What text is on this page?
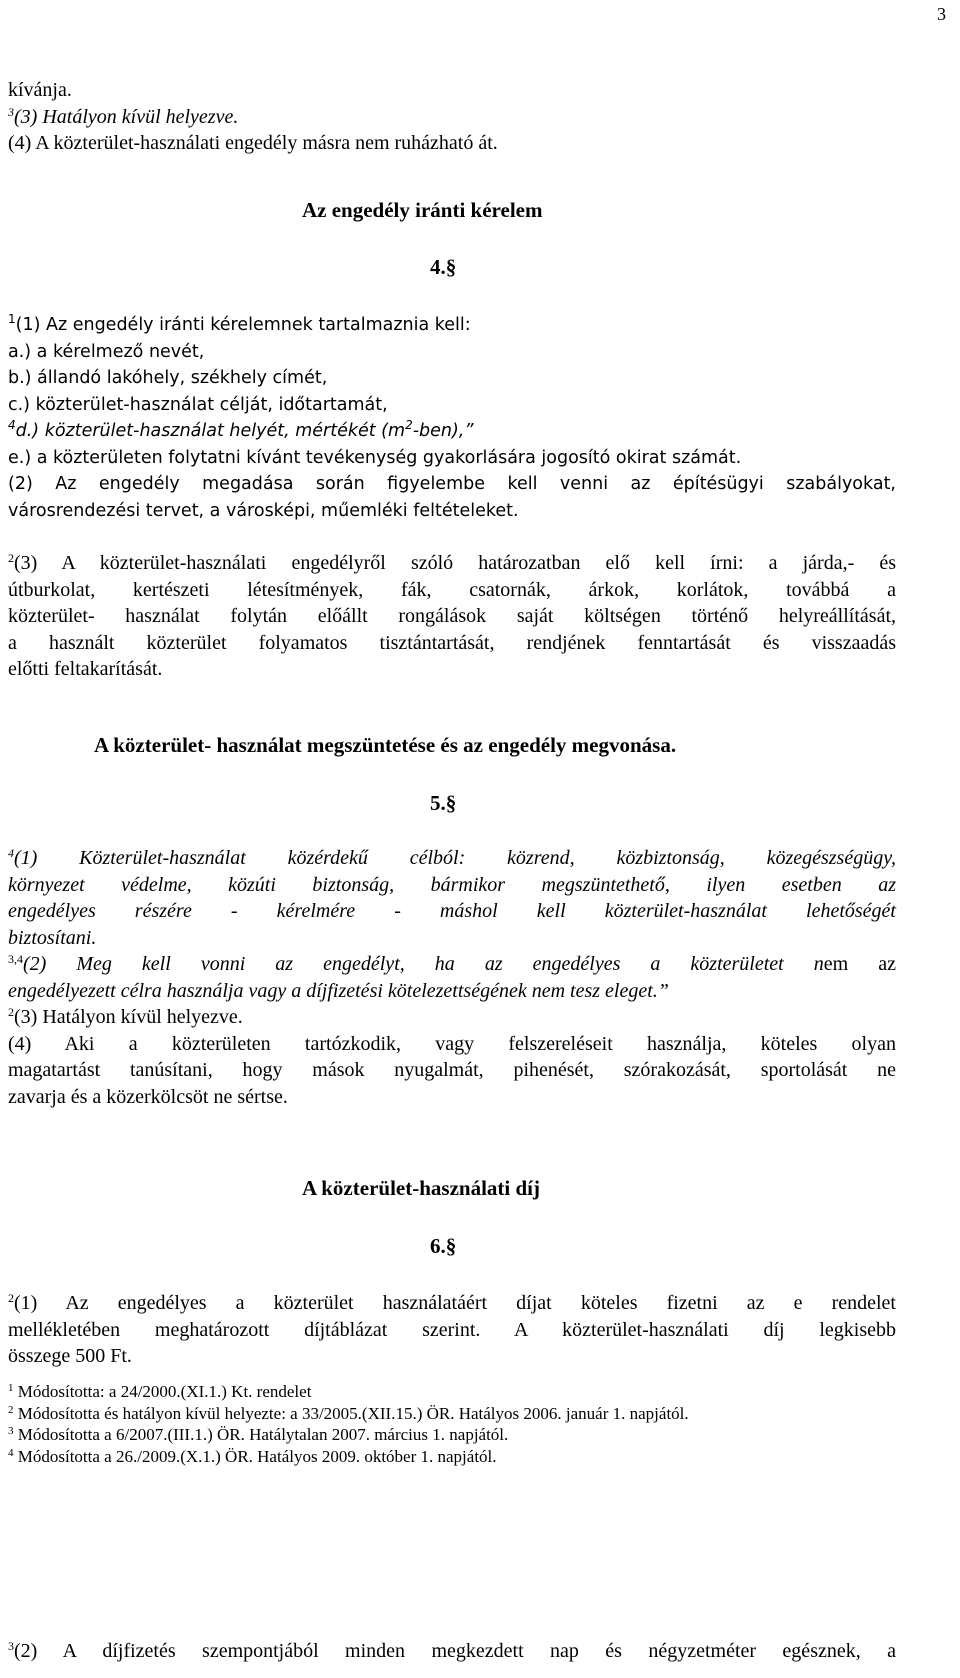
3

kívánja.

$^3$(3) Hatályon kívül helyezve.

(4) A közterület-használati engedély másra nem ruházható át.

Az engedély iránti kérelem
4.§

$^1$(1) Az engedély iránti kérelemnek tartalmaznia kell:

a.) a kérelmező nevét,

b.) állandó lakóhely, székhely címét,

c.) közterület-használat célját, időtartamát,

$^4$d.) közterület-használat helyét, mértékét $(m^2-ben)$,”

e.) a közterületen folytatni kívánt tevékenység gyakorlására jogosító okirat számát.

(2) Az engedély megadása során figyelembe kell venni az építésügyi szabályokat,

városrendezési tervet, a városképi, műemléki feltételeket.

$^2$(3) A közterület-használati engedélyről szóló határozatban elő kell írni: a járda,- és

útburkolat, kertészeti létesítmények, fák, csatornák, árkok, korlátok, továbbá a

közterület- használat folytán előállt rongálások saját költségen történő helyreállítását,

a használt közterület folyamatos tisztántartását, rendjének fenntartását és visszaadás

előtti feltakarítását.

A közterület- használat megszüntetése és az engedély megvonása.
5.§

$^4$(1) Közterület-használat közérdekű célból: közrend, közbiztonság, közegészségügy,

környezet védelme, közúti biztonság, bármikor megszüntethető, ilyen esetben az

engedélyes részére - kérelmére - máshol kell közterület-használat lehetőségét

biztosítani.

$^{3,4}$(2) Meg kell vonni az engedélyt, ha az engedélyes a közterületet nem az

engedélyezett célra használja vagy a díjfizetési kötelezettségének nem tesz eleget.”

$^2$(3) Hatályon kívül helyezve.

(4) Aki a közterületen tartózkodik, vagy felszereléseit használja, köteles olyan

magatartást tanúsítani, hogy mások nyugalmát, pihenését, szórakozását, sportolását ne

zavarja és a közerkölcsöt ne sértse.

A közterület-használati díj
6.§

$^2$(1) Az engedélyes a közterület használatáért díjat köteles fizetni az e rendelet

mellékletében meghatározott díjtáblázat szerint. A közterület-használati díj legkisebb

összege 500 Ft.

$^1$ Módosította: a 24/2000.(XI.1.) Kt. rendelet

$^2$ Módosította és hatályon kívül helyezte: a 33/2005.(XII.15.) ÖR. Hatályos 2006. január 1. napjától.

$^3$ Módosította a 6/2007.(III.1.) ÖR. Hatálytalan 2007. március 1. napjától.

$^4$ Módosította a 26./2009.(X.1.) ÖR. Hatályos 2009. október 1. napjától.

$^3$(2) A díjfizetés szempontjából minden megkezdett nap és négyzetméter egésznek, a
